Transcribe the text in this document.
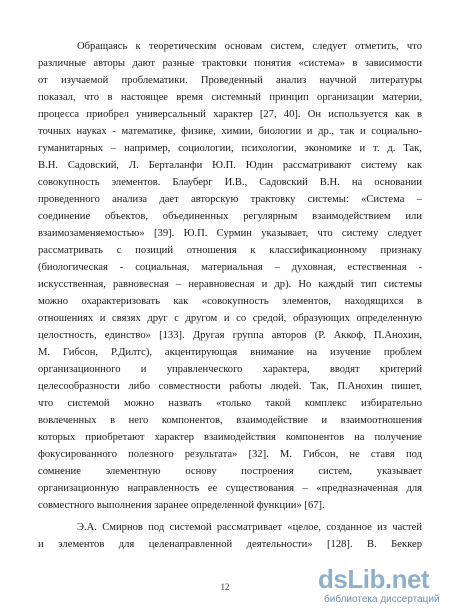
Обращаясь к теоретическим основам систем, следует отметить, что
различные авторы дают разные трактовки понятия «система» в зависимости
от изучаемой проблематики. Проведенный анализ научной литературы
показал, что в настоящее время системный принцип организации материи,
процесса приобрел универсальный характер [27, 40]. Он используется как в
точных науках - математике, физике, химии, биологии и др., так и социально-
гуманитарных – например, социологии, психологии, экономике и т. д. Так,
В.Н. Садовский, Л. Берталанфи Ю.П. Юдин рассматривают систему как
совокупность элементов. Блауберг И.В., Садовский В.Н. на основании
проведенного анализа дает авторскую трактовку системы: «Система –
соединение объектов, объединенных регулярным взаимодействием или
взаимозаменяемостью» [39]. Ю.П. Сурмин указывает, что систему следует
рассматривать с позиций отношения к классификационному признаку
(биологическая - социальная, материальная – духовная, естественная -
искусственная, равновесная – неравновесная и др). Но каждый тип системы
можно охарактеризовать как «совокупность элементов, находящихся в
отношениях и связях друг с другом и со средой, образующих определенную
целостность, единство» [133]. Другая группа авторов (Р. Аккоф, П.Анохин,
М. Гибсон, Р.Дилтс), акцентирующая внимание на изучение проблем
организационного и управленческого характера, вводят критерий
целесообразности либо совместности работы людей. Так, П.Анохин пишет,
что системой можно назвать «только такой комплекс избирательно
вовлеченных в него компонентов, взаимодействие и взаимоотношения
которых приобретают характер взаимодействия компонентов на получение
фокусированного полезного результата» [32]. М. Гибсон, не ставя под
сомнение элементную основу построения систем, указывает
организационную направленность ее существования – «предназначенная для
совместного выполнения заранее определенной функции» [67].
Э.А. Смирнов под системой рассматривает «целое, созданное из частей
и элементов для целенаправленной деятельности» [128]. В. Беккер
12	dsLib.net
библиотека диссертаций
